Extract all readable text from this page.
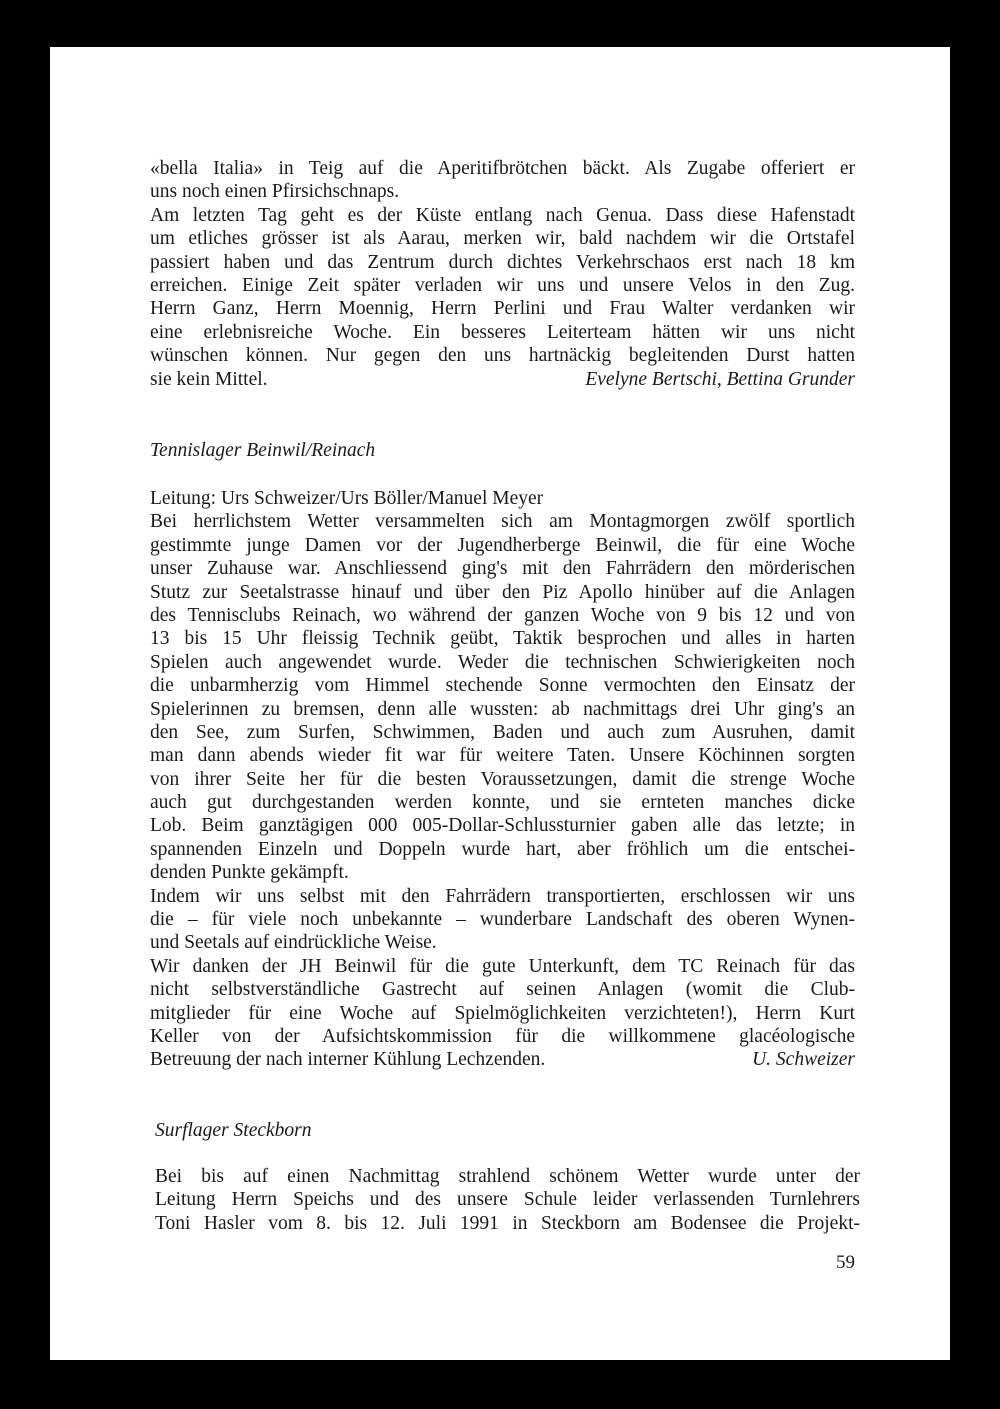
«bella Italia» in Teig auf die Aperitifbrötchen bäckt. Als Zugabe offeriert er
uns noch einen Pfirsichschnaps.
Am letzten Tag geht es der Küste entlang nach Genua. Dass diese Hafenstadt
um etliches grösser ist als Aarau, merken wir, bald nachdem wir die Ortstafel
passiert haben und das Zentrum durch dichtes Verkehrschaos erst nach 18 km
erreichen. Einige Zeit später verladen wir uns und unsere Velos in den Zug.
Herrn Ganz, Herrn Moennig, Herrn Perlini und Frau Walter verdanken wir
eine erlebnisreiche Woche. Ein besseres Leiterteam hätten wir uns nicht
wünschen können. Nur gegen den uns hartnäckig begleitenden Durst hatten
sie kein Mittel.	Evelyne Bertschi, Bettina Grunder
Tennislager Beinwil/Reinach
Leitung: Urs Schweizer/Urs Böller/Manuel Meyer
Bei herrlichstem Wetter versammelten sich am Montagmorgen zwölf sportlich
gestimmte junge Damen vor der Jugendherberge Beinwil, die für eine Woche
unser Zuhause war. Anschliessend ging's mit den Fahrrädern den mörderischen
Stutz zur Seetalstrasse hinauf und über den Piz Apollo hinüber auf die Anlagen
des Tennisclubs Reinach, wo während der ganzen Woche von 9 bis 12 und von
13 bis 15 Uhr fleissig Technik geübt, Taktik besprochen und alles in harten
Spielen auch angewendet wurde. Weder die technischen Schwierigkeiten noch
die unbarmherzig vom Himmel stechende Sonne vermochten den Einsatz der
Spielerinnen zu bremsen, denn alle wussten: ab nachmittags drei Uhr ging's an
den See, zum Surfen, Schwimmen, Baden und auch zum Ausruhen, damit
man dann abends wieder fit war für weitere Taten. Unsere Köchinnen sorgten
von ihrer Seite her für die besten Voraussetzungen, damit die strenge Woche
auch gut durchgestanden werden konnte, und sie ernteten manches dicke
Lob. Beim ganztägigen 000 005-Dollar-Schlussturnier gaben alle das letzte; in
spannenden Einzeln und Doppeln wurde hart, aber fröhlich um die entschei-
denden Punkte gekämpft.
Indem wir uns selbst mit den Fahrrädern transportierten, erschlossen wir uns
die – für viele noch unbekannte – wunderbare Landschaft des oberen Wynen-
und Seetals auf eindrückliche Weise.
Wir danken der JH Beinwil für die gute Unterkunft, dem TC Reinach für das
nicht selbstverständliche Gastrecht auf seinen Anlagen (womit die Club-
mitglieder für eine Woche auf Spielmöglichkeiten verzichteten!), Herrn Kurt
Keller von der Aufsichtskommission für die willkommene glacéologische
Betreuung der nach interner Kühlung Lechzenden.	U. Schweizer
Surflager Steckborn
Bei bis auf einen Nachmittag strahlend schönem Wetter wurde unter der
Leitung Herrn Speichs und des unsere Schule leider verlassenden Turnlehrers
Toni Hasler vom 8. bis 12. Juli 1991 in Steckborn am Bodensee die Projekt-
59
